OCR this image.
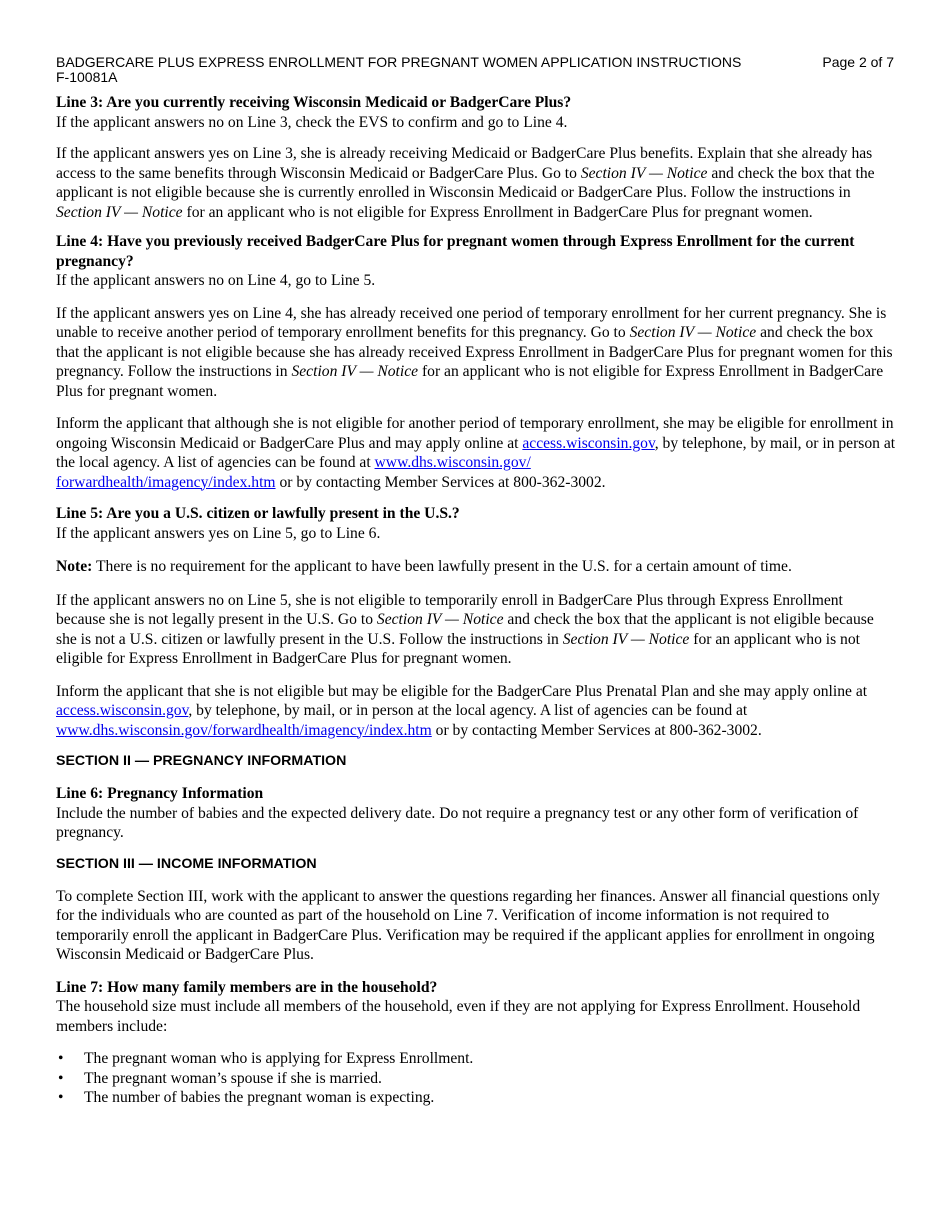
BADGERCARE PLUS EXPRESS ENROLLMENT FOR PREGNANT WOMEN APPLICATION INSTRUCTIONS
F-10081A
Page 2 of 7

Line 3: Are you currently receiving Wisconsin Medicaid or BadgerCare Plus?

If the applicant answers no on Line 3, check the EVS to confirm and go to Line 4.

If the applicant answers yes on Line 3, she is already receiving Medicaid or BadgerCare Plus benefits. Explain that she already has access to the same benefits through Wisconsin Medicaid or BadgerCare Plus. Go to Section IV — Notice and check the box that the applicant is not eligible because she is currently enrolled in Wisconsin Medicaid or BadgerCare Plus. Follow the instructions in Section IV — Notice for an applicant who is not eligible for Express Enrollment in BadgerCare Plus for pregnant women.

Line 4: Have you previously received BadgerCare Plus for pregnant women through Express Enrollment for the current pregnancy?

If the applicant answers no on Line 4, go to Line 5.

If the applicant answers yes on Line 4, she has already received one period of temporary enrollment for her current pregnancy. She is unable to receive another period of temporary enrollment benefits for this pregnancy. Go to Section IV — Notice and check the box that the applicant is not eligible because she has already received Express Enrollment in BadgerCare Plus for pregnant women for this pregnancy. Follow the instructions in Section IV — Notice for an applicant who is not eligible for Express Enrollment in BadgerCare Plus for pregnant women.

Inform the applicant that although she is not eligible for another period of temporary enrollment, she may be eligible for enrollment in ongoing Wisconsin Medicaid or BadgerCare Plus and may apply online at access.wisconsin.gov, by telephone, by mail, or in person at the local agency. A list of agencies can be found at www.dhs.wisconsin.gov/
forwardhealth/imagency/index.htm or by contacting Member Services at 800-362-3002.

Line 5: Are you a U.S. citizen or lawfully present in the U.S.?

If the applicant answers yes on Line 5, go to Line 6.

Note: There is no requirement for the applicant to have been lawfully present in the U.S. for a certain amount of time.

If the applicant answers no on Line 5, she is not eligible to temporarily enroll in BadgerCare Plus through Express Enrollment because she is not legally present in the U.S. Go to Section IV — Notice and check the box that the applicant is not eligible because she is not a U.S. citizen or lawfully present in the U.S. Follow the instructions in Section IV — Notice for an applicant who is not eligible for Express Enrollment in BadgerCare Plus for pregnant women.

Inform the applicant that she is not eligible but may be eligible for the BadgerCare Plus Prenatal Plan and she may apply online at access.wisconsin.gov, by telephone, by mail, or in person at the local agency. A list of agencies can be found at www.dhs.wisconsin.gov/forwardhealth/imagency/index.htm or by contacting Member Services at 800-362-3002.

SECTION II — PREGNANCY INFORMATION

Line 6: Pregnancy Information

Include the number of babies and the expected delivery date. Do not require a pregnancy test or any other form of verification of pregnancy.

SECTION III — INCOME INFORMATION

To complete Section III, work with the applicant to answer the questions regarding her finances. Answer all financial questions only for the individuals who are counted as part of the household on Line 7. Verification of income information is not required to temporarily enroll the applicant in BadgerCare Plus. Verification may be required if the applicant applies for enrollment in ongoing Wisconsin Medicaid or BadgerCare Plus.

Line 7: How many family members are in the household?

The household size must include all members of the household, even if they are not applying for Express Enrollment. Household members include:

• The pregnant woman who is applying for Express Enrollment.
• The pregnant woman’s spouse if she is married.
• The number of babies the pregnant woman is expecting.
